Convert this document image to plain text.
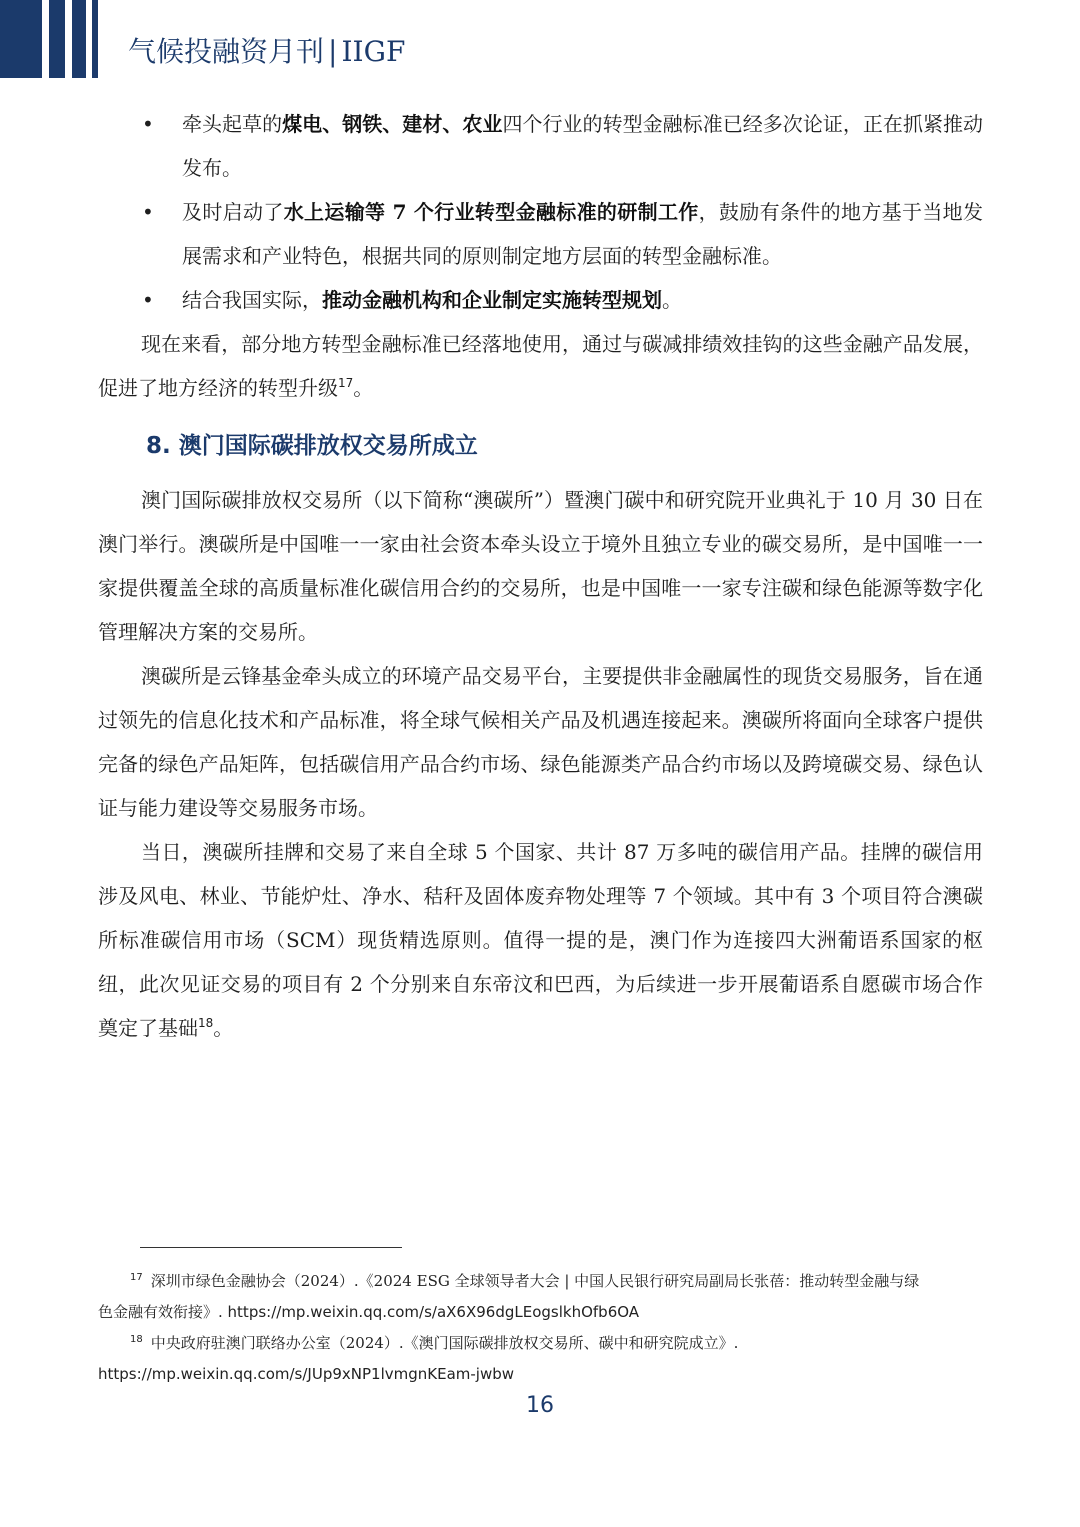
气候投融资月刊 | IIGF
• 牵头起草的煤电、钢铁、建材、农业四个行业的转型金融标准已经多次论证，正在抓紧推动发布。
• 及时启动了水上运输等 7 个行业转型金融标准的研制工作，鼓励有条件的地方基于当地发展需求和产业特色，根据共同的原则制定地方层面的转型金融标准。
• 结合我国实际，推动金融机构和企业制定实施转型规划。

现在来看，部分地方转型金融标准已经落地使用，通过与碳减排绩效挂钩的这些金融产品发展，促进了地方经济的转型升级$^{17}$。

8. 澳门国际碳排放权交易所成立

澳门国际碳排放权交易所（以下简称“澳碳所”）暨澳门碳中和研究院开业典礼于 10 月 30 日在澳门举行。澳碳所是中国唯一一家由社会资本牵头设立于境外且独立专业的碳交易所，是中国唯一一家提供覆盖全球的高质量标准化碳信用合约的交易所，也是中国唯一一家专注碳和绿色能源等数字化管理解决方案的交易所。

澳碳所是云锋基金牵头成立的环境产品交易平台，主要提供非金融属性的现货交易服务，旨在通过领先的信息化技术和产品标准，将全球气候相关产品及机遇连接起来。澳碳所将面向全球客户提供完备的绿色产品矩阵，包括碳信用产品合约市场、绿色能源类产品合约市场以及跨境碳交易、绿色认证与能力建设等交易服务市场。

当日，澳碳所挂牌和交易了来自全球 5 个国家、共计 87 万多吨的碳信用产品。挂牌的碳信用涉及风电、林业、节能炉灶、净水、秸秆及固体废弃物处理等 7 个领域。其中有 3 个项目符合澳碳所标准碳信用市场（SCM）现货精选原则。值得一提的是，澳门作为连接四大洲葡语系国家的枢纽，此次见证交易的项目有 2 个分别来自东帝汶和巴西，为后续进一步开展葡语系自愿碳市场合作奠定了基础$^{18}$。

$^{17}$ 深圳市绿色金融协会（2024）.《2024 ESG 全球领导者大会 | 中国人民银行研究局副局长张蓓：推动转型金融与绿
色金融有效衔接》. https://mp.weixin.qq.com/s/aX6X96dgLEogslkhOfb6OA
$^{18}$ 中央政府驻澳门联络办公室（2024）.《澳门国际碳排放权交易所、碳中和研究院成立》.
https://mp.weixin.qq.com/s/JUp9xNP1lvmgnKEam-jwbw
16
